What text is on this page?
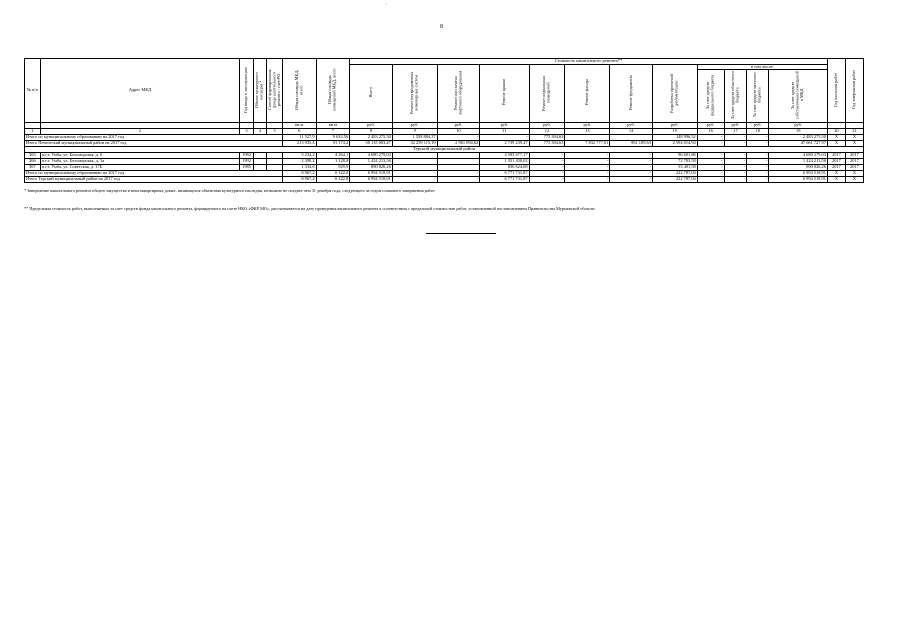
ˊ
8
№ п/п	Адрес МКД	Год ввода в эксплуатацию	Объект культурного наследия *	Способ формирования фонда капитального ремонта - счет/РО	Общая площадь МКД, всего	Общая площадь помещений МКД, всего	Стоимость капитального ремонта**												Год оказания работ	Год завершения работ
							Всего	Ремонт внутридомовых инженерных систем	Ремонт или замена лифтового оборудования	Ремонт крыши	Ремонт подвальных помещений	Ремонт фасада	Ремонт фундамента	Разработка проектной документации	в том числе:					
															За счет средств федерального бюджета	За счет средств областного бюджета	За счет средств местного бюджета	За счет средств собственников помещений в МКД		
					кв.м	кв.м	руб.	руб.	руб.	руб.	руб.	руб.	руб.	руб.	руб.	руб.	руб.	руб.		
1	2	3	4	5	6	7	8	9	10	11	12	13	14	15	16	17	18	19	20	21
Итого по муниципальному образованию на 2017 год					11 527,9	9 632,56	2 483 275,50	1 558 884,37	-	-	775 394,63			148 996,52	-	-	-	2 483 275,50	X	X
Итого Печенгский муниципальный район на 2017 год					213 935,4	91 174,2	50 135 003,47	32 259 115,19	2 961 094,62	2 739 239,47	775 394,63	7 832 777,01	961 189,63	2 594 814,94	-	-	-	47 661 727,97	X	X
Терский муниципальный район																				
365	п.г.т. Умба, ул. Беломорская, д. 6	1982			5 234,2	4 264,1	4 680 279,03			4 583 677,17	-	-	-	96 601,86	-	-	-	4 680 279,03	2017	2017
366	п.г.т. Умба, ул. Беломорская, д. 3а	1992			2 398,2	1 128,8	1 424 213,56			1 351 430,02	-	-	-	72 783,58	-	-	-	1 424 213,56	2017	2017
367	п.г.т. Умба, ул. Советская, д. 17Б	1985			1 334,8	929,9	890 026,26			836 624,68	-	-	-	53 401,58	-	-	-	890 026,26	2017	2017
Итого по муниципальному образованию на 2017 год					8 967,2	6 322,8	6 994 518,91	-	-	6 771 731,87	-	-	-	222 787,04	-	-	-	6 994 518,91	X	X
Итого Терский муниципальный район на 2017 год					8 967,2	6 322,8	6 994 518,91	-	-	6 771 731,87	-	-	-	222 787,04	-	-	-	6 994 518,91	X	X
* Завершение капитального ремонта общего имущества в многоквартирных домах, являющихся объектами культурного наследия, возможно не позднее чем 31 декабря года, следующего за годом планового завершения работ
** Предельная стоимость работ, выполняемых за счет средств фонда капитального ремонта, формируемого на счете НКО «ФКР МО», рассчитывается на дату проведения капитального ремонта в соответствии с предельной стоимостью работ, установленной постановлением Правительства Мурманской области
